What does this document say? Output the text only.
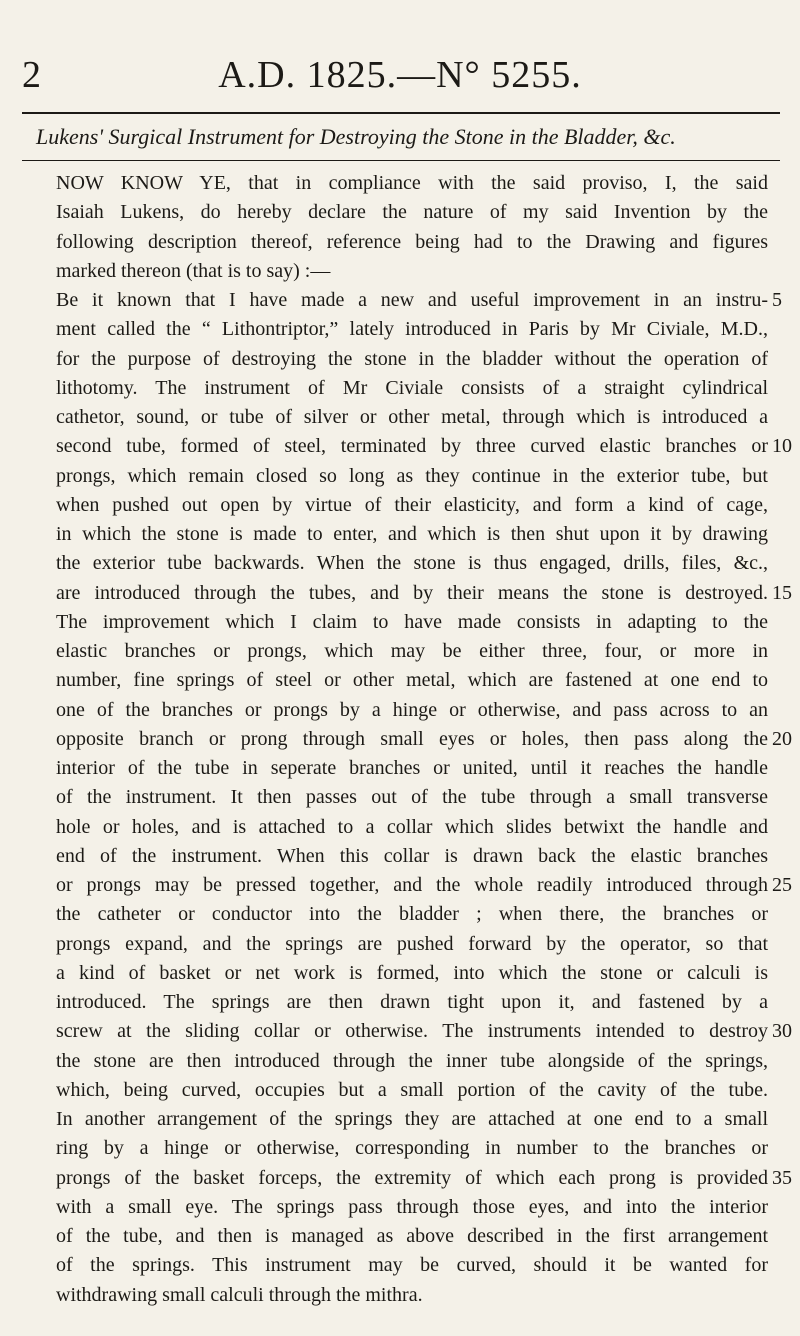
2	A.D. 1825.—N° 5255.
Lukens' Surgical Instrument for Destroying the Stone in the Bladder, &c.
NOW KNOW YE, that in compliance with the said proviso, I, the said
Isaiah Lukens, do hereby declare the nature of my said Invention by the
following description thereof, reference being had to the Drawing and figures
marked thereon (that is to say) :—
Be it known that I have made a new and useful improvement in an instru-
ment called the “ Lithontriptor,” lately introduced in Paris by Mr Civiale, M.D.,
for the purpose of destroying the stone in the bladder without the operation of
lithotomy. The instrument of Mr Civiale consists of a straight cylindrical
cathetor, sound, or tube of silver or other metal, through which is introduced a
second tube, formed of steel, terminated by three curved elastic branches or
prongs, which remain closed so long as they continue in the exterior tube, but
when pushed out open by virtue of their elasticity, and form a kind of cage,
in which the stone is made to enter, and which is then shut upon it by drawing
the exterior tube backwards. When the stone is thus engaged, drills, files, &c.,
are introduced through the tubes, and by their means the stone is destroyed.
The improvement which I claim to have made consists in adapting to the
elastic branches or prongs, which may be either three, four, or more in
number, fine springs of steel or other metal, which are fastened at one end to
one of the branches or prongs by a hinge or otherwise, and pass across to an
opposite branch or prong through small eyes or holes, then pass along the
interior of the tube in seperate branches or united, until it reaches the handle
of the instrument. It then passes out of the tube through a small transverse
hole or holes, and is attached to a collar which slides betwixt the handle and
end of the instrument. When this collar is drawn back the elastic branches
or prongs may be pressed together, and the whole readily introduced through
the catheter or conductor into the bladder ; when there, the branches or
prongs expand, and the springs are pushed forward by the operator, so that
a kind of basket or net work is formed, into which the stone or calculi is
introduced. The springs are then drawn tight upon it, and fastened by a
screw at the sliding collar or otherwise. The instruments intended to destroy
the stone are then introduced through the inner tube alongside of the springs,
which, being curved, occupies but a small portion of the cavity of the tube.
In another arrangement of the springs they are attached at one end to a small
ring by a hinge or otherwise, corresponding in number to the branches or
prongs of the basket forceps, the extremity of which each prong is provided
with a small eye. The springs pass through those eyes, and into the interior
of the tube, and then is managed as above described in the first arrangement
of the springs. This instrument may be curved, should it be wanted for
withdrawing small calculi through the mithra.
5
10
15
20
25
30
35
